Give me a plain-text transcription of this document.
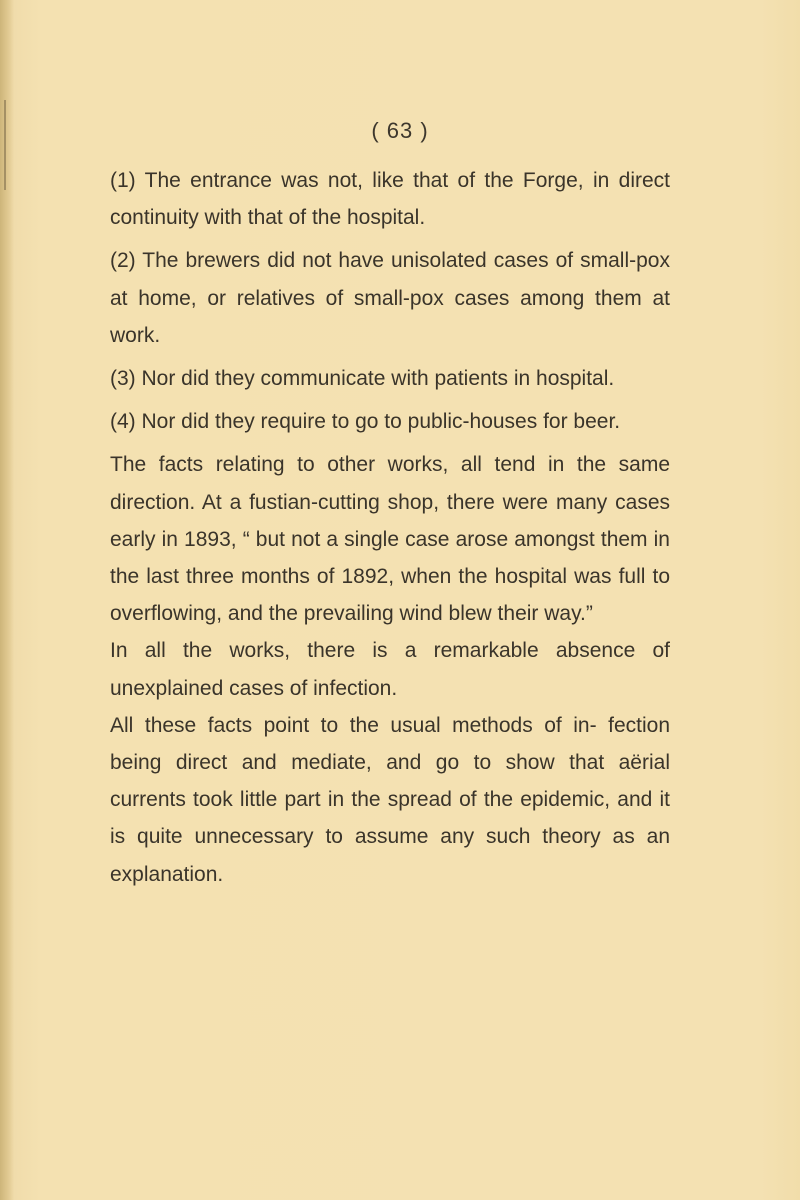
( 63 )

(1) The entrance was not, like that of the Forge, in direct continuity with that of the hospital.

(2) The brewers did not have unisolated cases of small-pox at home, or relatives of small-pox cases among them at work.

(3) Nor did they communicate with patients in hospital.

(4) Nor did they require to go to public-houses for beer.

The facts relating to other works, all tend in the same direction. At a fustian-cutting shop, there were many cases early in 1893, “ but not a single case arose amongst them in the last three months of 1892, when the hospital was full to overflowing, and the prevailing wind blew their way.”

In all the works, there is a remarkable absence of unexplained cases of infection.

All these facts point to the usual methods of in- fection being direct and mediate, and go to show that aërial currents took little part in the spread of the epidemic, and it is quite unnecessary to assume any such theory as an explanation.
